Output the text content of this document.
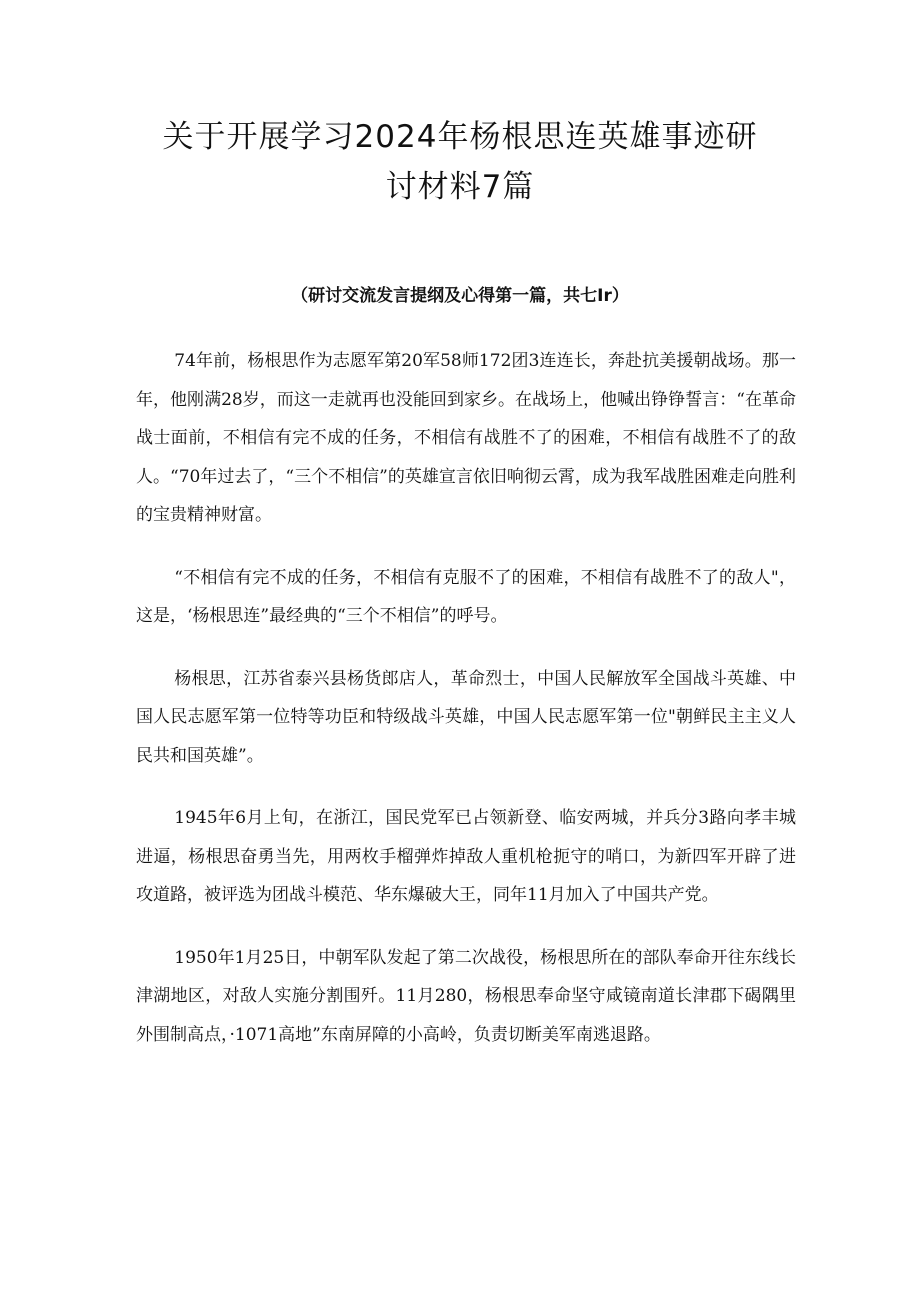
关于开展学习2024年杨根思连英雄事迹研
讨材料7篇
（研讨交流发言提纲及心得第一篇，共七Ir）

74年前，杨根思作为志愿军第20军58师172团3连连长，奔赴抗美援朝战场。那一年，他刚满28岁，而这一走就再也没能回到家乡。在战场上，他喊出铮铮誓言：“在革命战士面前，不相信有完不成的任务，不相信有战胜不了的困难，不相信有战胜不了的敌人。“70年过去了，“三个不相信”的英雄宣言依旧响彻云霄，成为我军战胜困难走向胜利的宝贵精神财富。

“不相信有完不成的任务，不相信有克服不了的困难，不相信有战胜不了的敌人"，这是，‘杨根思连”最经典的“三个不相信”的呼号。

杨根思，江苏省泰兴县杨货郎店人，革命烈士，中国人民解放军全国战斗英雄、中国人民志愿军第一位特等功臣和特级战斗英雄，中国人民志愿军第一位"朝鲜民主主义人民共和国英雄”。

1945年6月上旬，在浙江，国民党军已占领新登、临安两城，并兵分3路向孝丰城进逼，杨根思奋勇当先，用两枚手榴弹炸掉敌人重机枪扼守的哨口，为新四军开辟了进攻道路，被评选为团战斗模范、华东爆破大王，同年11月加入了中国共产党。

1950年1月25日，中朝军队发起了第二次战役，杨根思所在的部队奉命开往东线长津湖地区，对敌人实施分割围歼。11月280，杨根思奉命坚守咸镜南道长津郡下碣隅里外围制高点，·1071高地”东南屏障的小高岭，负责切断美军南逃退路。
